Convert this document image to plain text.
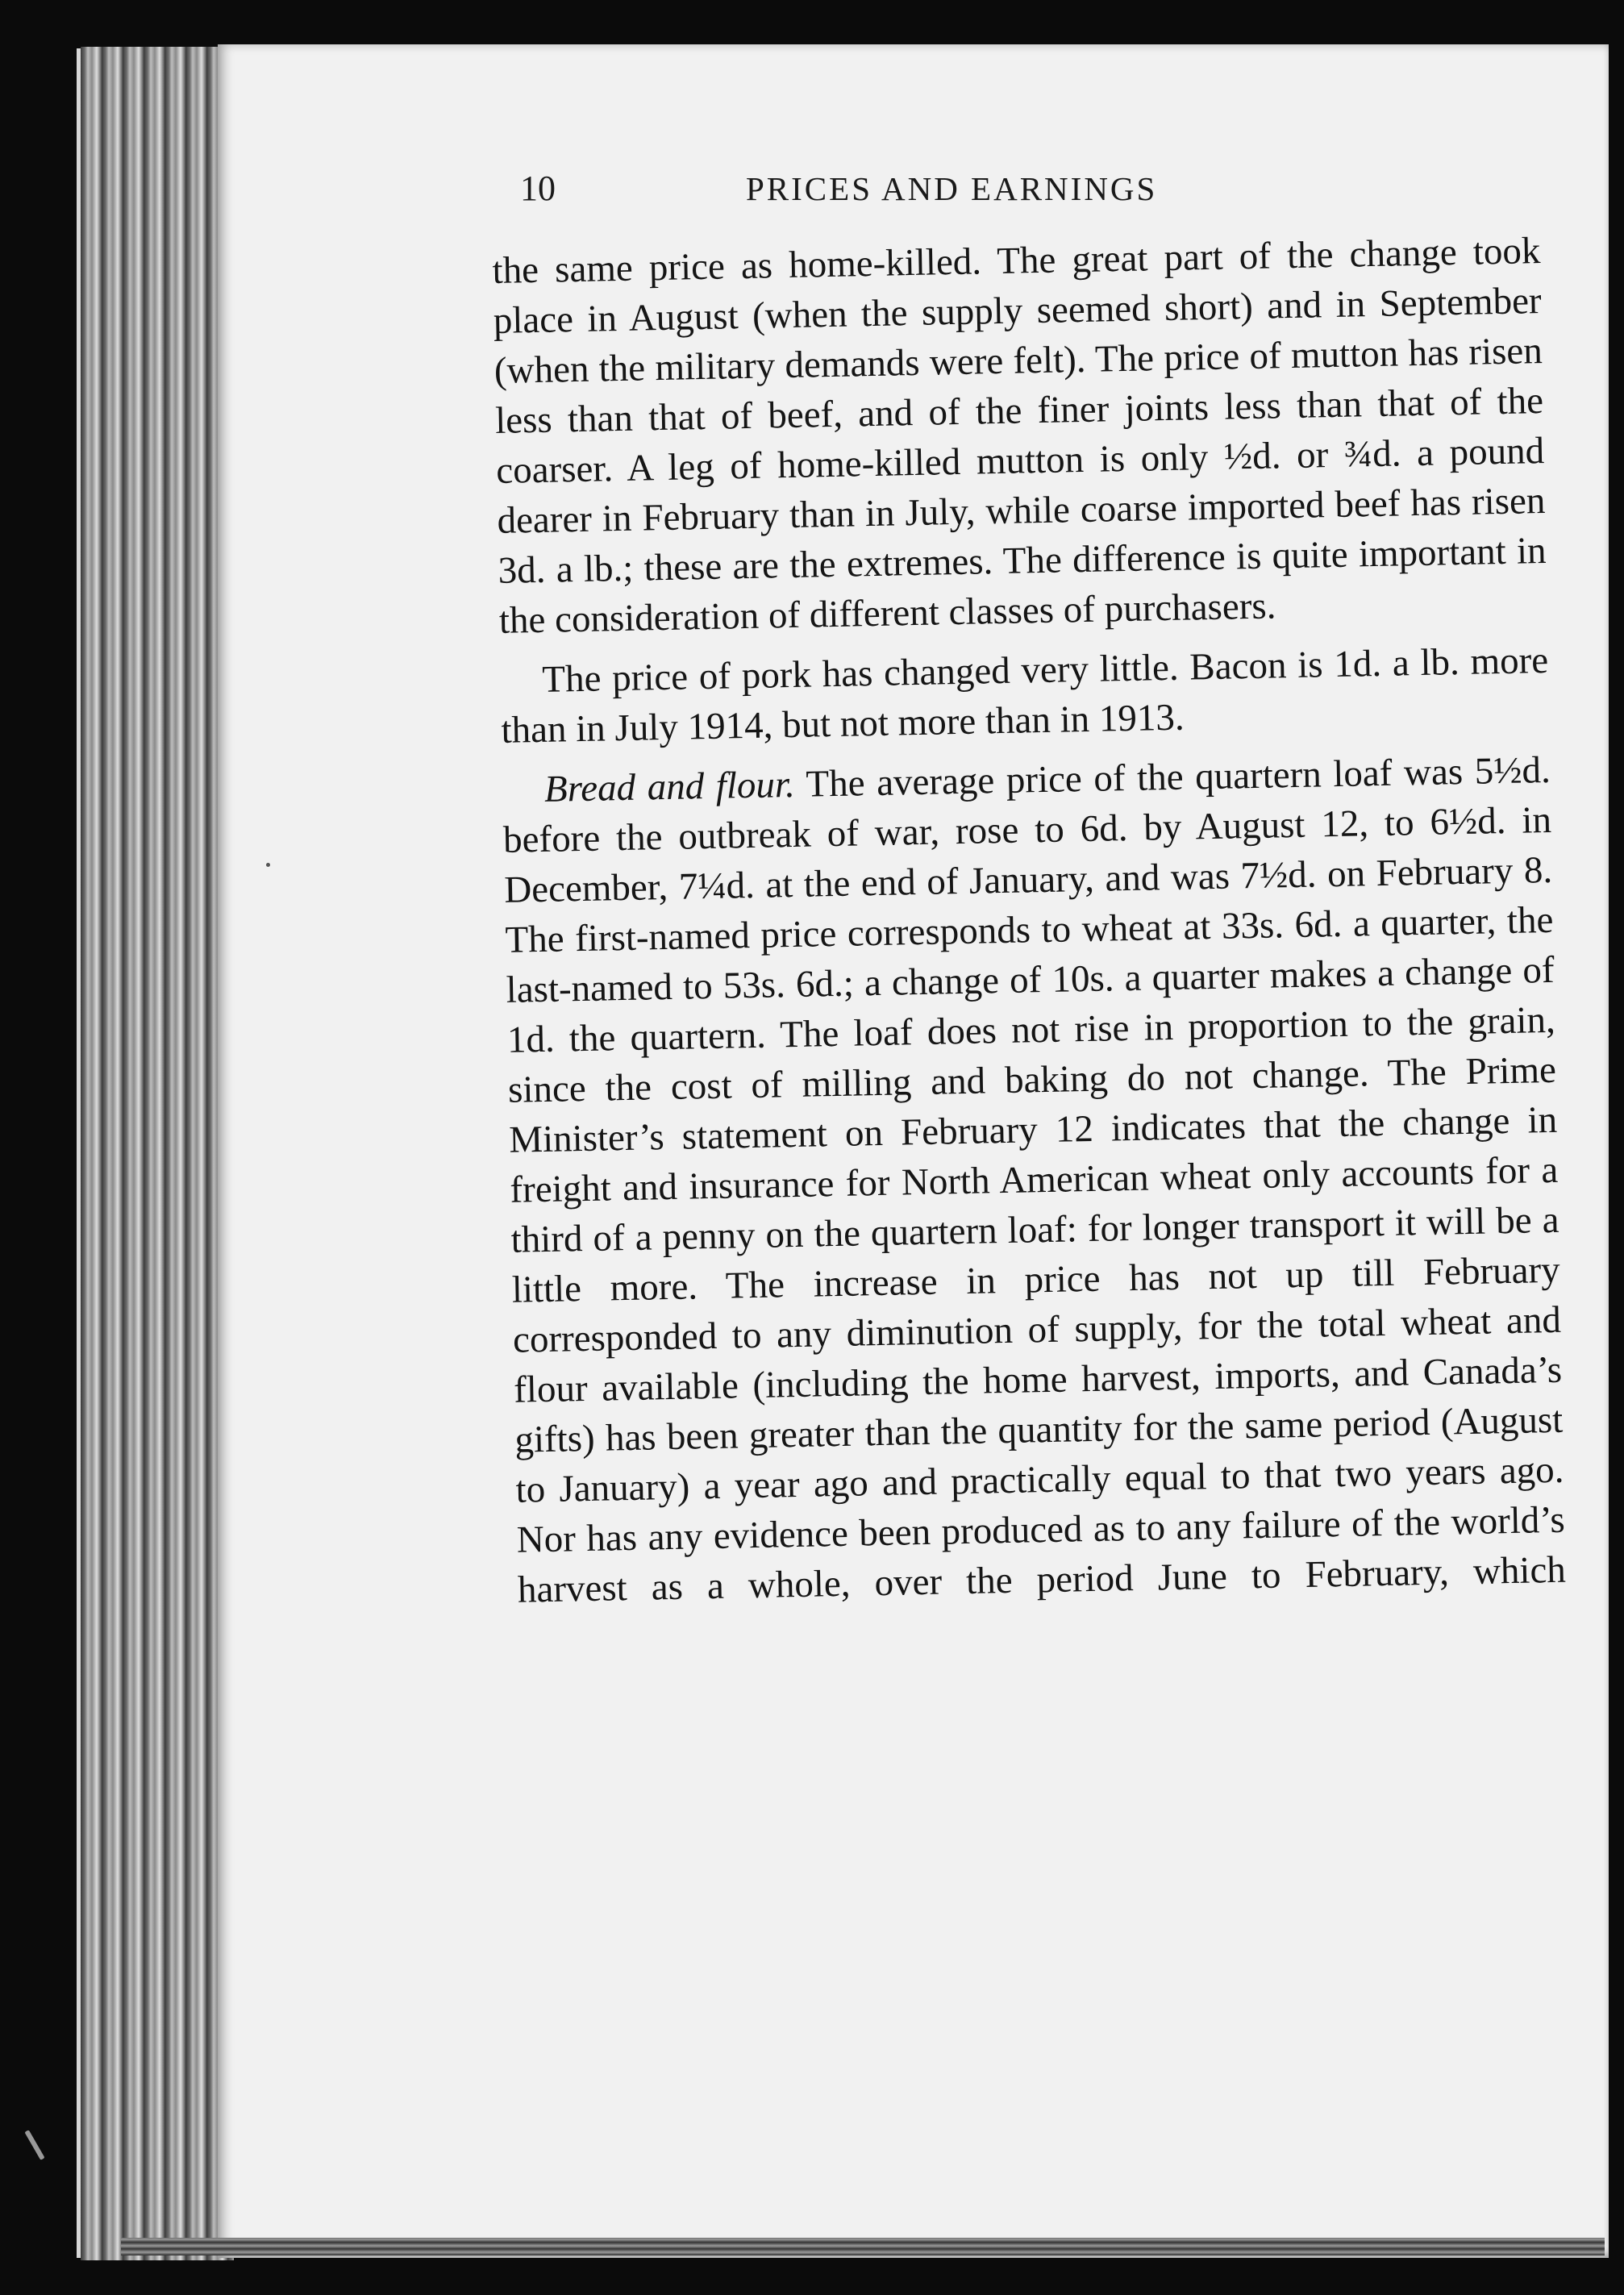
10	PRICES AND EARNINGS

the same price as home-killed. The great part of the change took place in August (when the supply seemed short) and in September (when the military demands were felt). The price of mutton has risen less than that of beef, and of the finer joints less than that of the coarser. A leg of home-killed mutton is only ½d. or ¾d. a pound dearer in February than in July, while coarse imported beef has risen 3d. a lb.; these are the extremes. The difference is quite important in the consideration of different classes of purchasers.

The price of pork has changed very little. Bacon is 1d. a lb. more than in July 1914, but not more than in 1913.

Bread and flour. The average price of the quartern loaf was 5½d. before the outbreak of war, rose to 6d. by August 12, to 6½d. in December, 7¼d. at the end of January, and was 7½d. on February 8. The first-named price corresponds to wheat at 33s. 6d. a quarter, the last-named to 53s. 6d.; a change of 10s. a quarter makes a change of 1d. the quartern. The loaf does not rise in proportion to the grain, since the cost of milling and baking do not change. The Prime Minister’s statement on February 12 indicates that the change in freight and insurance for North American wheat only accounts for a third of a penny on the quartern loaf: for longer transport it will be a little more. The increase in price has not up till February corresponded to any diminution of supply, for the total wheat and flour available (including the home harvest, imports, and Canada’s gifts) has been greater than the quantity for the same period (August to January) a year ago and practically equal to that two years ago. Nor has any evidence been produced as to any failure of the world’s harvest as a whole, over the period June to February, which
